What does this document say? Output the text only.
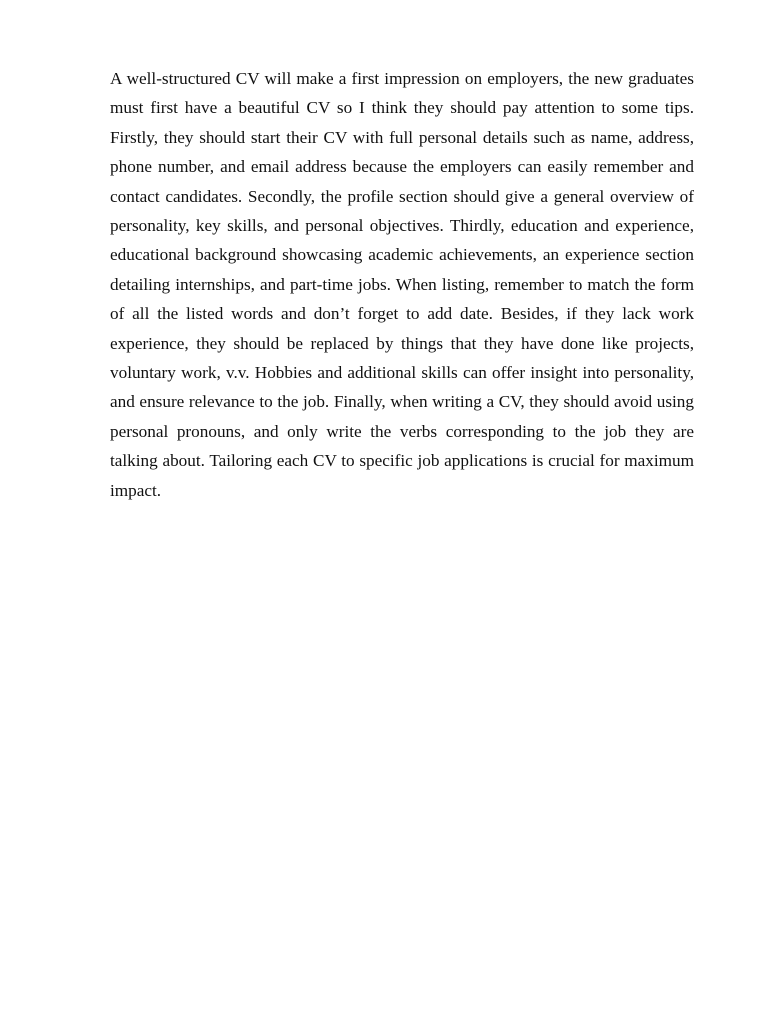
A well-structured CV will make a first impression on employers, the new graduates must first have a beautiful CV so I think they should pay attention to some tips. Firstly, they should start their CV with full personal details such as name, address, phone number, and email address because the employers can easily remember and contact candidates. Secondly, the profile section should give a general overview of personality, key skills, and personal objectives. Thirdly, education and experience, educational background showcasing academic achievements, an experience section detailing internships, and part-time jobs. When listing, remember to match the form of all the listed words and don’t forget to add date. Besides, if they lack work experience, they should be replaced by things that they have done like projects, voluntary work, v.v. Hobbies and additional skills can offer insight into personality, and ensure relevance to the job. Finally, when writing a CV, they should avoid using personal pronouns, and only write the verbs corresponding to the job they are talking about. Tailoring each CV to specific job applications is crucial for maximum impact.
